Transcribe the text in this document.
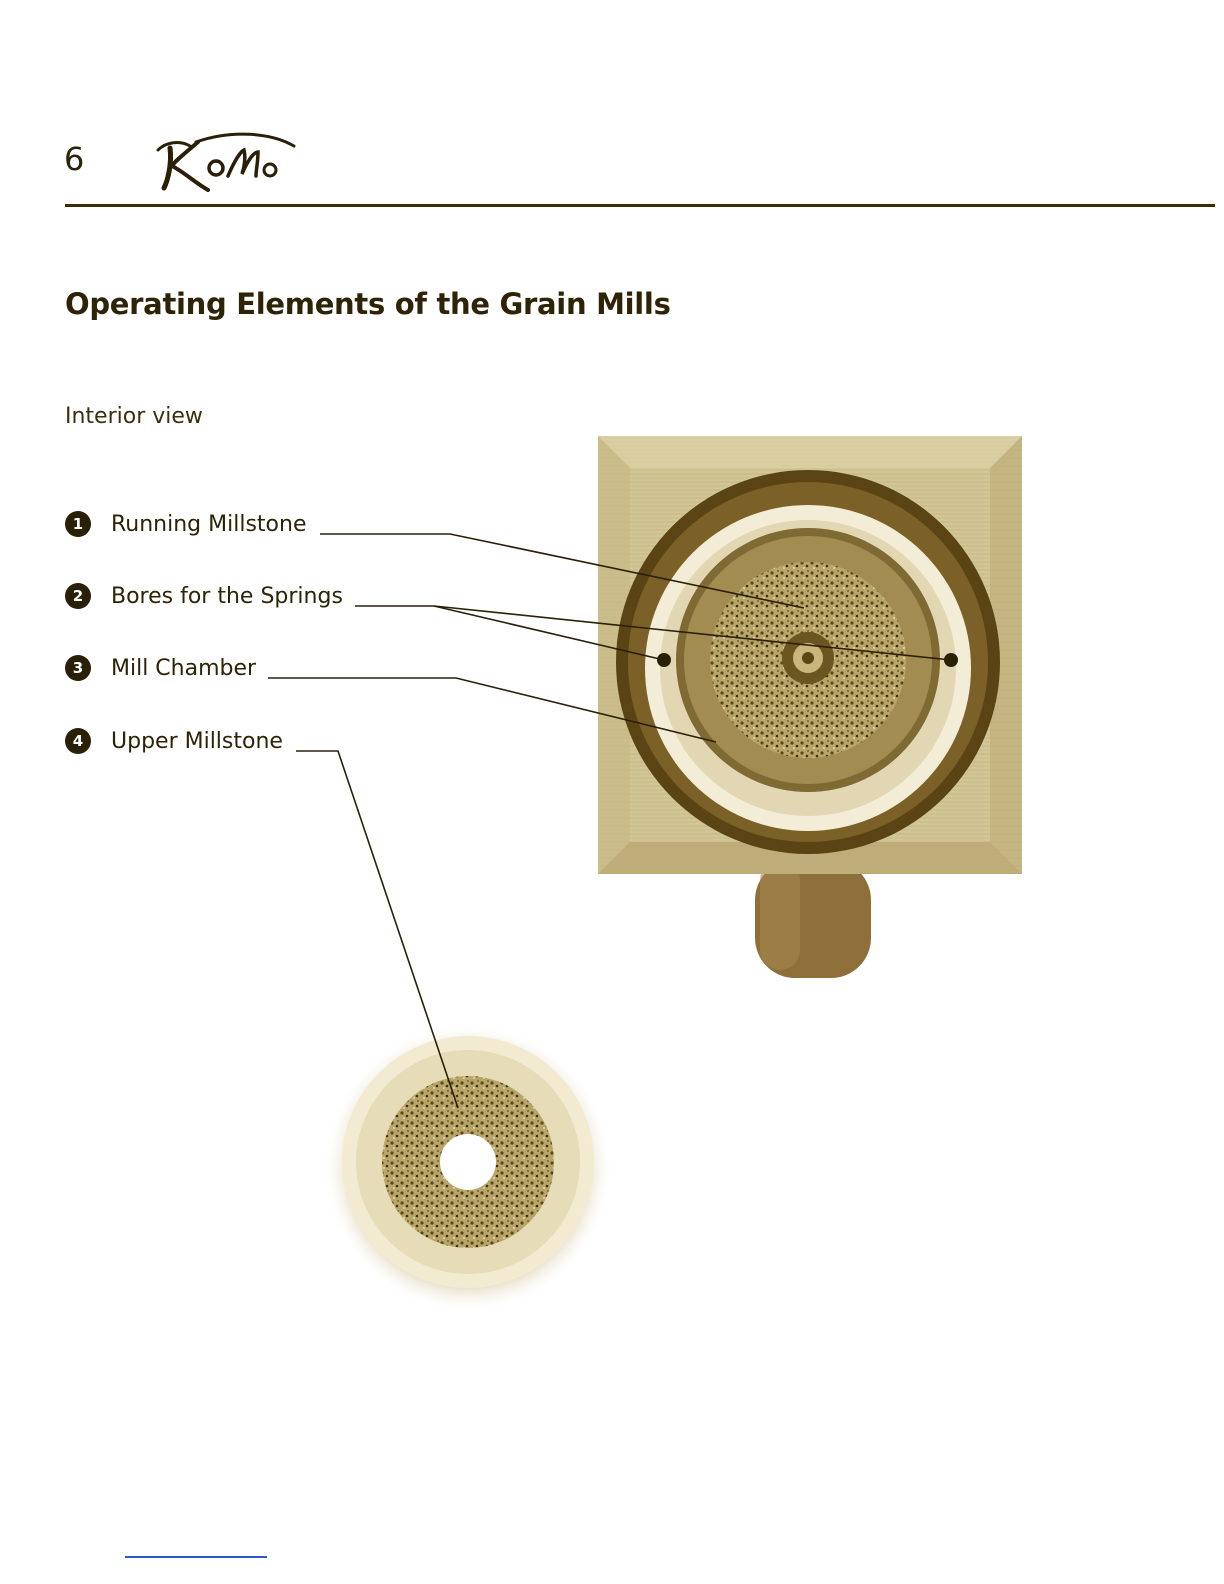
6
Operating Elements of the Grain Mills
Interior view
1	Running Millstone
2	Bores for the Springs
3	Mill Chamber
4	Upper Millstone
